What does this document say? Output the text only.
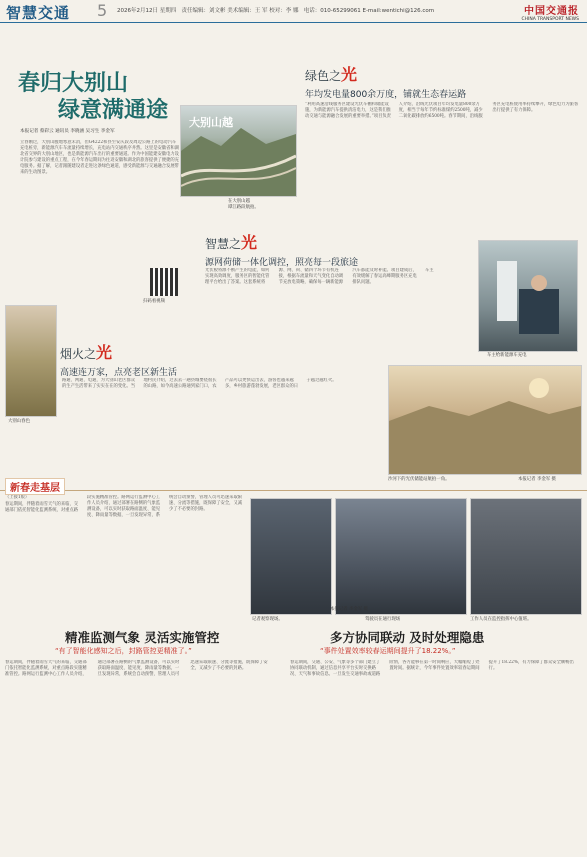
智慧交通 5 2026年2月12日 星期四 责任编辑：刘文彬 美术编辑：王 军 校对：李 娜 电话：010-65299061 E-mail:wentichi@126.com	中国交通报
CHINA TRANSPORT NEWS
春归大别山
绿意满通途
本报记者 蔡彩云 通讯员 李晓涵 吴习生 李金军
大别山越
在大别山越
谭江路段航拍。

立春刚过，大别山腹地寒意未消，但G4222和县至安庆段及周边公路上的电动汽车充电桩旁，新能源汽车车流量持续增长，充电站内交通秩序井然。这里是安徽省和湖北省交界的大别山地区，也是新能源汽车出行的重要通道。作为中国能建安徽电力设计院参与建设的重点工程，在今年春运期间为往返安徽和湖北的旅客提供了便捷的充电服务。据了解，记者跟随建设者走进这条绿色通道，感受新能源与交通融合发展带来的生动图景。

扫码看视频
绿色之光
年均发电量800余万度，铺就生态春运路

“利用高速沿线服务区建设光伏车棚和储能设施，为新能源汽车提供清洁电力，这是我们推动交通与能源融合发展的重要举措。”项目负责人介绍，沿线光伏项目年均发电量800余万度，相当于每年节约标准煤约2500吨，减少二氧化碳排放约6500吨。春节期间，沿线服务区充电桩使用率持续攀升，绿色电力为旅客出行提供了有力保障。

智慧之光
源网荷储一体化调控，照亮每一段旅途

光伏板将源不断产生的电能，如何实现高效调度，服务区的智能化管理平台给出了答案。这套系统将源、网、荷、储四个环节有机连接，根据车流量和天气变化自动调节充放电策略，确保每一辆新能源汽车都能及时补能。项目建成后，有效缓解了春运高峰期服务区充电排队问题。

车主给新能源车充电

车主

大别山春色
烟火之光
高速连万家，点亮老区新生活

路通、网通、电通，为大别山老区群众的生产生活带来了实实在在的变化。当地村民介绍，过去去一趟县城要绕很长的山路，如今高速公路通到家门口，农产品可以更快运出去，游客也越来越多，乡村旅游蓬勃发展，老区群众的日子越过越红火。

沙河下的光伏储能站航拍一角。	本报记者 李金军 摄
新春走基层

（上接1版）

春运期间，伴随着雨雪天气的来临，交通部门依托智能化监测系统，对重点路段实施精准管控。路网运行监测中心工作人员介绍，通过部署在路侧的气象监测设备，可以实时获取路面温度、能见度、降雨量等数据，一旦发现异常，系统会自动预警，管理人员可迅速采取限速、分流等措施，既保障了安全，又减少了不必要的封路。

记者观察现场。	驾驶员在通行现场
本报记者 李金军 摄
工作人员在监控指挥中心值班。
精准监测气象 灵活实施管控
“有了智能化感知之后，封路管控更精准了。”

春运期间，伴随着雨雪天气的来临，交通部门依托智能化监测系统，对重点路段实施精准管控。路网运行监测中心工作人员介绍，通过部署在路侧的气象监测设备，可以实时获取路面温度、能见度、降雨量等数据，一旦发现异常，系统会自动预警，管理人员可迅速采取限速、分流等措施，既保障了安全，又减少了不必要的封路。

多方协同联动 及时处理隐患
“事件处置效率较春运期间提升了18.22%。”

春运期间，交通、公安、气象等多个部门建立了协同联动机制，通过信息共享平台实时交换路况、天气和事故信息。一旦发生交通事故或道路险情，各方能够在第一时间响应，大幅缩短了处置时间。据统计，今年事件处置效率较春运期间提升了18.22%，有力保障了群众安全顺畅出行。
